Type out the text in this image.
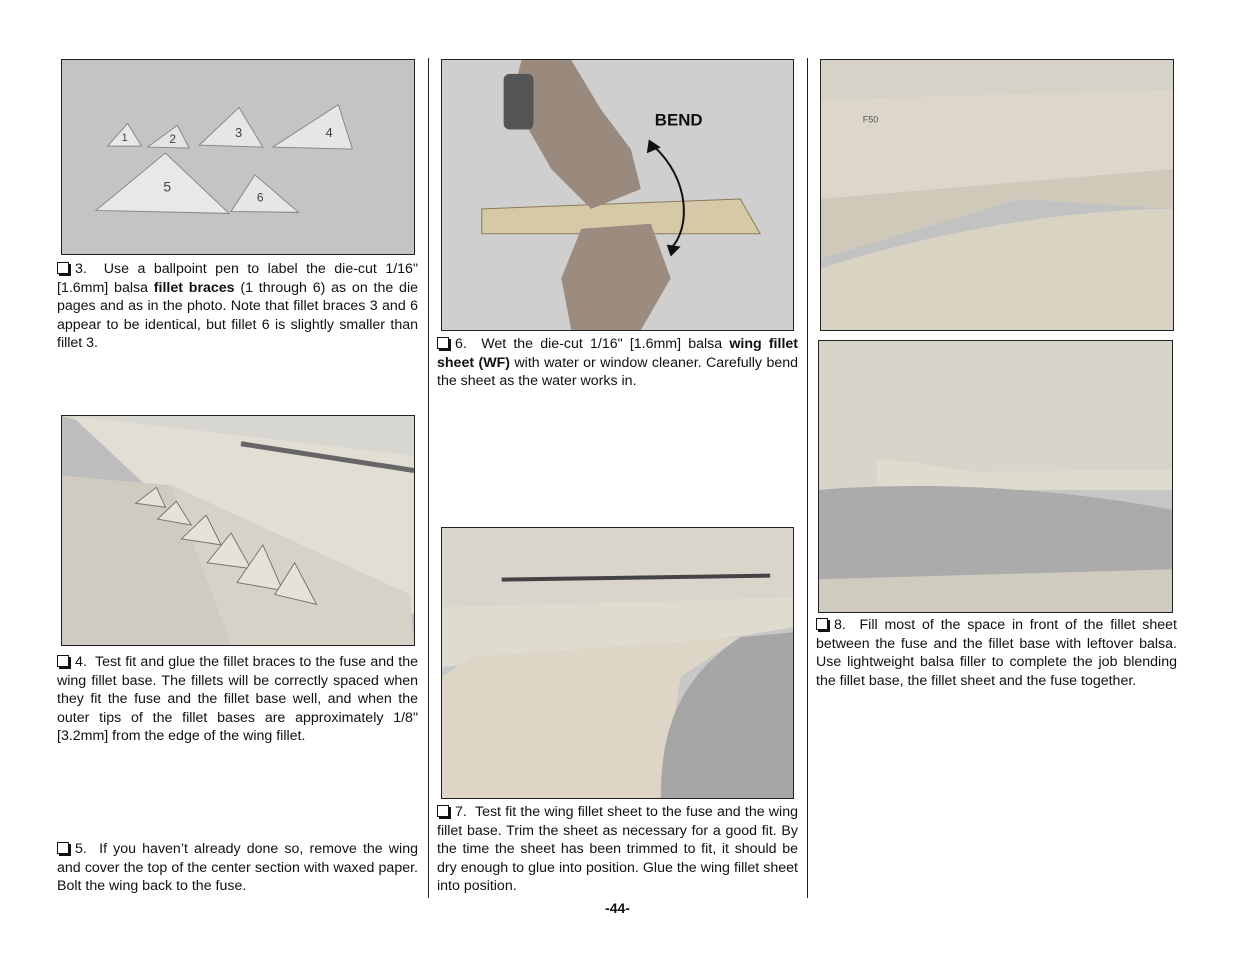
1	2	3	4
5
6

3. Use a ballpoint pen to label the die-cut 1/16" [1.6mm] balsa fillet braces (1 through 6) as on the die pages and as in the photo. Note that fillet braces 3 and 6 appear to be identical, but fillet 6 is slightly smaller than fillet 3.

4. Test fit and glue the fillet braces to the fuse and the wing fillet base. The fillets will be correctly spaced when they fit the fuse and the fillet base well, and when the outer tips of the fillet bases are approximately 1/8" [3.2mm] from the edge of the wing fillet.

5. If you haven’t already done so, remove the wing and cover the top of the center section with waxed paper. Bolt the wing back to the fuse.

BEND

6. Wet the die-cut 1/16" [1.6mm] balsa wing fillet sheet (WF) with water or window cleaner. Carefully bend the sheet as the water works in.

7. Test fit the wing fillet sheet to the fuse and the wing fillet base. Trim the sheet as necessary for a good fit. By the time the sheet has been trimmed to fit, it should be dry enough to glue into position. Glue the wing fillet sheet into position.

F50

8. Fill most of the space in front of the fillet sheet between the fuse and the fillet base with leftover balsa. Use lightweight balsa filler to complete the job blending the fillet base, the fillet sheet and the fuse together.

-44-
